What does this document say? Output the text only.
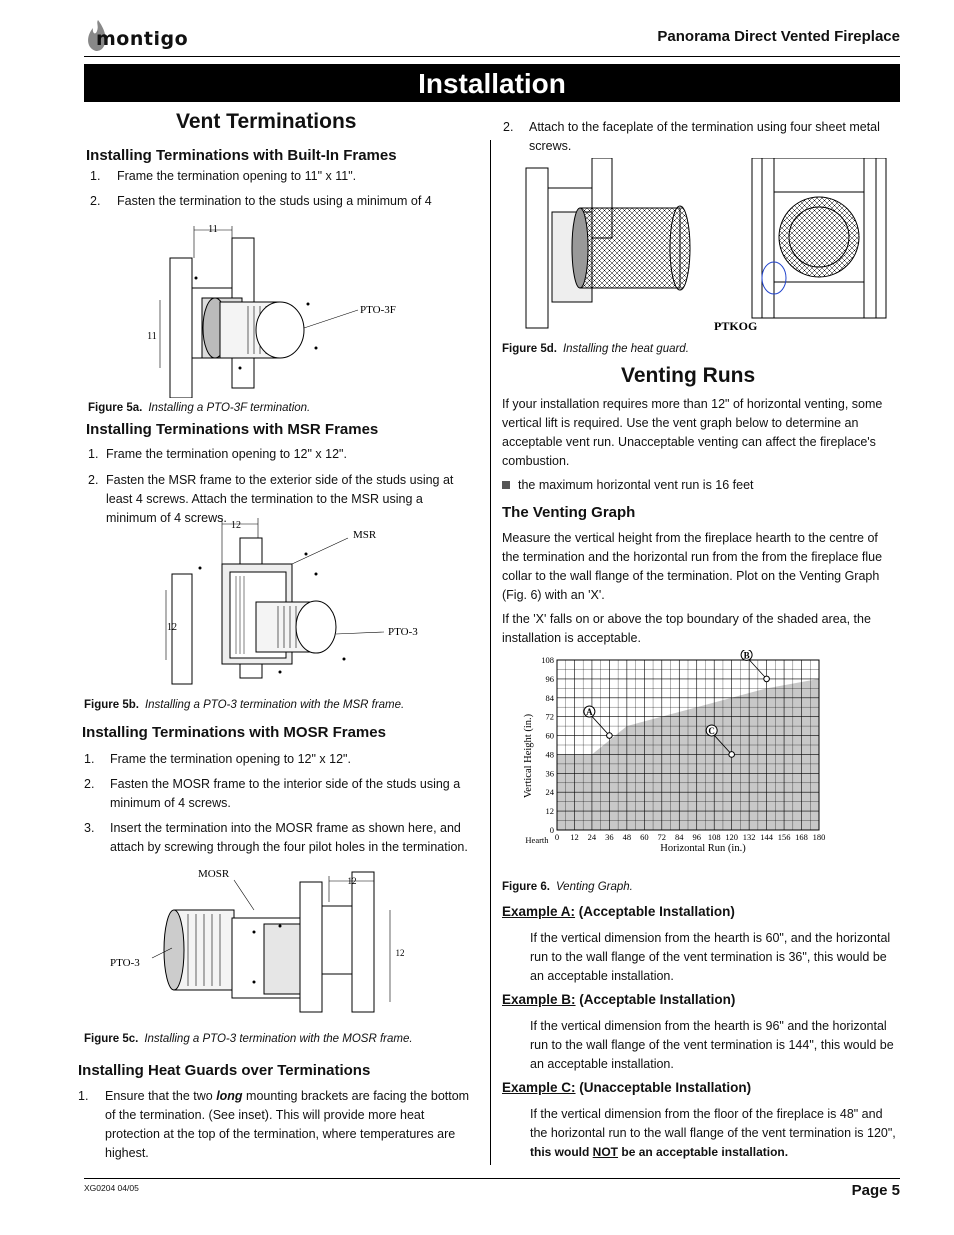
montigo	Panorama Direct Vented Fireplace
Installation
Vent Terminations
Installing Terminations with Built-In Frames
1.	Frame the termination opening to 11" x 11".
2.	Fasten the termination to the studs using a minimum of 4
11
11
PTO-3F
Figure 5a. Installing a PTO-3F termination.
Installing Terminations with MSR Frames
1. Frame the termination opening to 12" x 12".
2. Fasten the MSR frame to the exterior side of the studs using at least 4 screws. Attach the termination to the MSR using a minimum of 4 screws.
12
12
MSR
PTO-3
Figure 5b. Installing a PTO-3 termination with the MSR frame.
Installing Terminations with MOSR Frames
1.	Frame the termination opening to 12" x 12".
2.	Fasten the MOSR frame to the interior side of the studs using a minimum of 4 screws.
3.	Insert the termination into the MOSR frame as shown here, and attach by screwing through the four pilot holes in the termination.
12
12
MOSR
PTO-3
Figure 5c. Installing a PTO-3 termination with the MOSR frame.
Installing Heat Guards over Terminations
1.	Ensure that the two long mounting brackets are facing the bottom of the termination. (See inset). This will provide more heat protection at the top of the termination, where temperatures are highest.
2.	Attach to the faceplate of the termination using four sheet metal screws.
PTKOG
Figure 5d. Installing the heat guard.
Venting Runs
If your installation requires more than 12" of horizontal venting, some vertical lift is required. Use the vent graph below to determine an acceptable vent run. Unacceptable venting can affect the fireplace's combustion.
the maximum horizontal vent run is 16 feet
The Venting Graph
Measure the vertical height from the fireplace hearth to the centre of the termination and the horizontal run from the from the fireplace flue collar to the wall flange of the termination. Plot on the Venting Graph (Fig. 6) with an 'X'.
If the 'X' falls on or above the top boundary of the shaded area, the installation is acceptable.
0 12 24 36 48 60 72 84 96 108 120 132 144 156 168 180
0
12
24
36
48
60
72
84
96
108
A
B
C
Vertical Height (in.)
Horizontal Run (in.)
Hearth
Figure 6. Venting Graph.
Example A: (Acceptable Installation)
If the vertical dimension from the hearth is 60", and the horizontal run to the wall flange of the vent termination is 36", this would be an acceptable installation.
Example B: (Acceptable Installation)
If the vertical dimension from the hearth is 96" and the horizontal run to the wall flange of the vent termination is 144", this would be an acceptable installation.
Example C: (Unacceptable Installation)
If the vertical dimension from the floor of the fireplace is 48" and the horizontal run to the wall flange of the vent termination is 120", this would NOT be an acceptable installation.
XG0204 04/05	Page 5
